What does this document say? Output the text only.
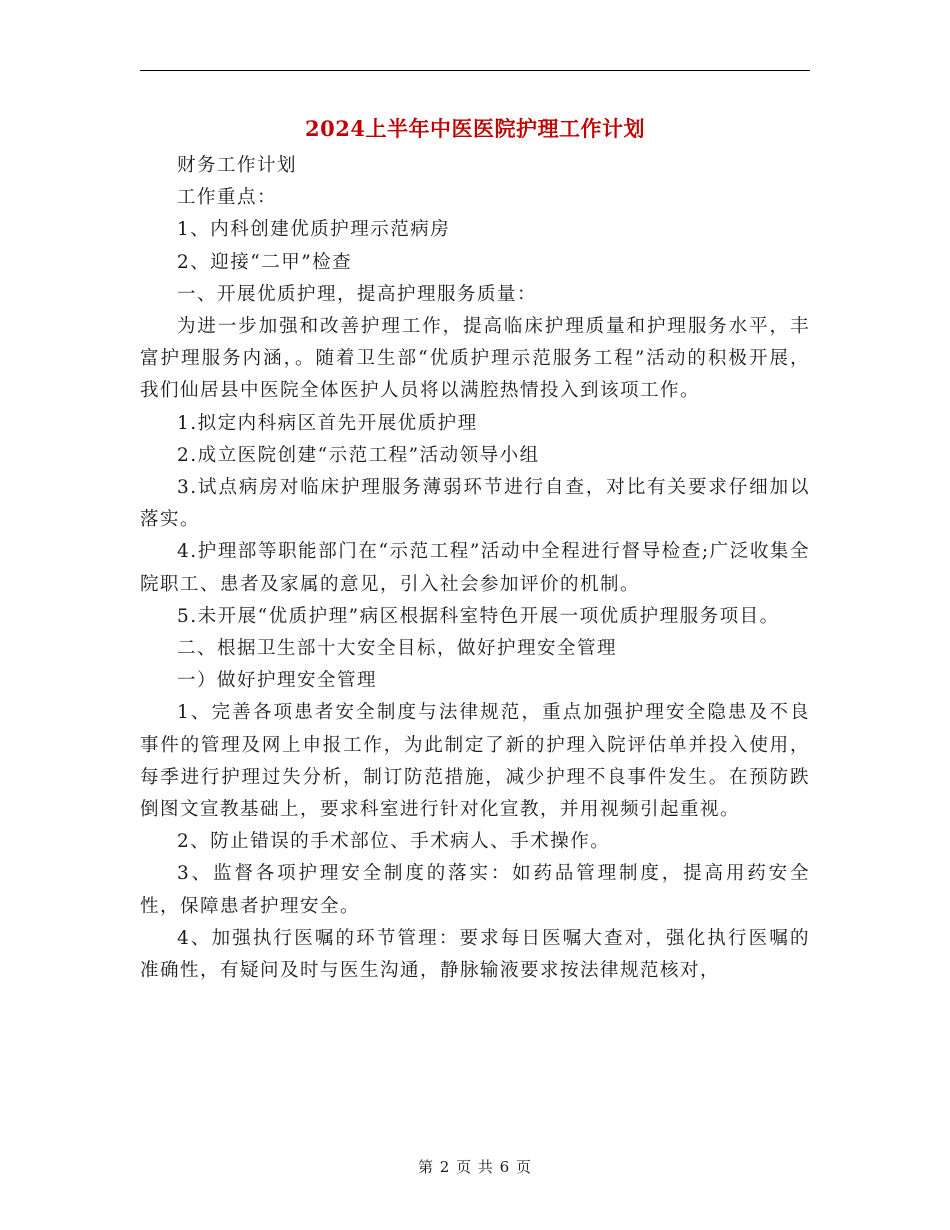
2024上半年中医医院护理工作计划

财务工作计划

工作重点：

1、内科创建优质护理示范病房

2、迎接“二甲”检查

一、开展优质护理，提高护理服务质量：

为进一步加强和改善护理工作，提高临床护理质量和护理服务水平，丰富护理服务内涵，。随着卫生部“优质护理示范服务工程”活动的积极开展，我们仙居县中医院全体医护人员将以满腔热情投入到该项工作。

1.拟定内科病区首先开展优质护理

2.成立医院创建“示范工程”活动领导小组

3.试点病房对临床护理服务薄弱环节进行自查，对比有关要求仔细加以落实。

4.护理部等职能部门在“示范工程”活动中全程进行督导检查;广泛收集全院职工、患者及家属的意见，引入社会参加评价的机制。

5.未开展“优质护理”病区根据科室特色开展一项优质护理服务项目。

二、根据卫生部十大安全目标，做好护理安全管理

一）做好护理安全管理

1、完善各项患者安全制度与法律规范，重点加强护理安全隐患及不良事件的管理及网上申报工作，为此制定了新的护理入院评估单并投入使用，每季进行护理过失分析，制订防范措施，减少护理不良事件发生。在预防跌倒图文宣教基础上，要求科室进行针对化宣教，并用视频引起重视。

2、防止错误的手术部位、手术病人、手术操作。

3、监督各项护理安全制度的落实：如药品管理制度，提高用药安全性，保障患者护理安全。

4、加强执行医嘱的环节管理：要求每日医嘱大查对，强化执行医嘱的准确性，有疑问及时与医生沟通，静脉输液要求按法律规范核对，

第 2 页 共 6 页
